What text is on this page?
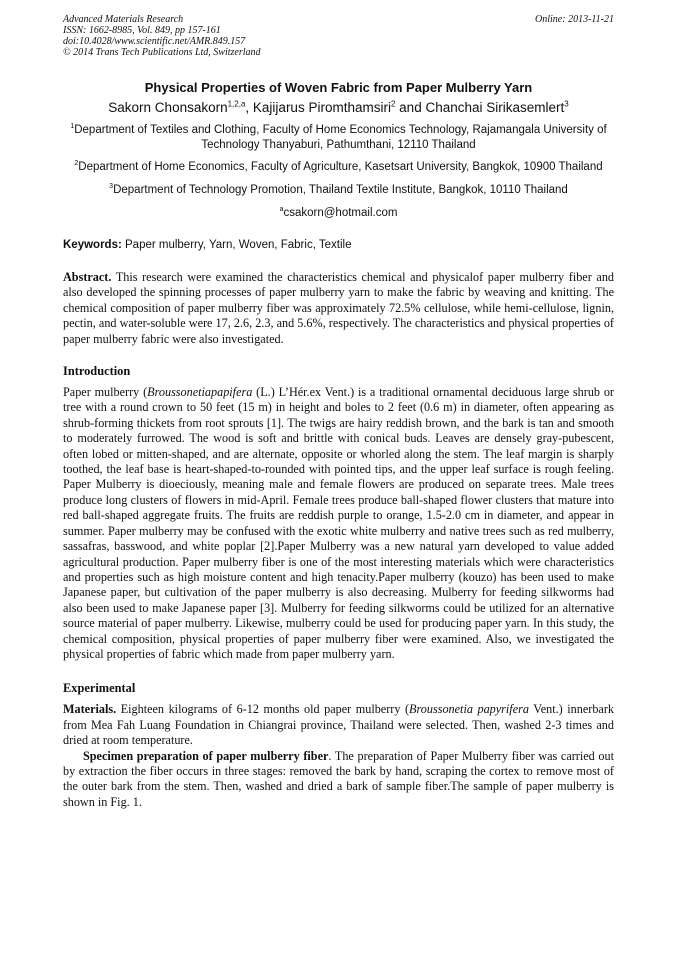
Advanced Materials Research
ISSN: 1662-8985, Vol. 849, pp 157-161
doi:10.4028/www.scientific.net/AMR.849.157
© 2014 Trans Tech Publications Ltd, Switzerland
Online: 2013-11-21
Physical Properties of Woven Fabric from Paper Mulberry Yarn
Sakorn Chonsakorn$^{1,2,a}$, Kajijarus Piromthamsiri$^2$ and Chanchai Sirikasemlert$^3$
$^1$Department of Textiles and Clothing, Faculty of Home Economics Technology, Rajamangala University of Technology Thanyaburi, Pathumthani, 12110 Thailand
$^2$Department of Home Economics, Faculty of Agriculture, Kasetsart University, Bangkok, 10900 Thailand
$^3$Department of Technology Promotion, Thailand Textile Institute, Bangkok, 10110 Thailand
$^a$csakorn@hotmail.com
Keywords: Paper mulberry, Yarn, Woven, Fabric, Textile

Abstract. This research were examined the characteristics chemical and physicalof paper mulberry fiber and also developed the spinning processes of paper mulberry yarn to make the fabric by weaving and knitting. The chemical composition of paper mulberry fiber was approximately 72.5% cellulose, while hemi-cellulose, lignin, pectin, and water-soluble were 17, 2.6, 2.3, and 5.6%, respectively. The characteristics and physical properties of paper mulberry fabric were also investigated.

Introduction

Paper mulberry (Broussonetiapapifera (L.) L’Hér.ex Vent.) is a traditional ornamental deciduous large shrub or tree with a round crown to 50 feet (15 m) in height and boles to 2 feet (0.6 m) in diameter, often appearing as shrub-forming thickets from root sprouts [1]. The twigs are hairy reddish brown, and the bark is tan and smooth to moderately furrowed. The wood is soft and brittle with conical buds. Leaves are densely gray-pubescent, often lobed or mitten-shaped, and are alternate, opposite or whorled along the stem. The leaf margin is sharply toothed, the leaf base is heart-shaped-to-rounded with pointed tips, and the upper leaf surface is rough feeling. Paper Mulberry is dioeciously, meaning male and female flowers are produced on separate trees. Male trees produce long clusters of flowers in mid-April. Female trees produce ball-shaped flower clusters that mature into red ball-shaped aggregate fruits. The fruits are reddish purple to orange, 1.5-2.0 cm in diameter, and appear in summer. Paper mulberry may be confused with the exotic white mulberry and native trees such as red mulberry, sassafras, basswood, and white poplar [2].Paper Mulberry was a new natural yarn developed to value added agricultural production. Paper mulberry fiber is one of the most interesting materials which were characteristics and properties such as high moisture content and high tenacity.Paper mulberry (kouzo) has been used to make Japanese paper, but cultivation of the paper mulberry is also decreasing. Mulberry for feeding silkworms had also been used to make Japanese paper [3]. Mulberry for feeding silkworms could be utilized for an alternative source material of paper mulberry. Likewise, mulberry could be used for producing paper yarn. In this study, the chemical composition, physical properties of paper mulberry fiber were examined. Also, we investigated the physical properties of fabric which made from paper mulberry yarn.

Experimental

Materials. Eighteen kilograms of 6-12 months old paper mulberry (Broussonetia papyrifera Vent.) innerbark from Mea Fah Luang Foundation in Chiangrai province, Thailand were selected. Then, washed 2-3 times and dried at room temperature.

Specimen preparation of paper mulberry fiber. The preparation of Paper Mulberry fiber was carried out by extraction the fiber occurs in three stages: removed the bark by hand, scraping the cortex to remove most of the outer bark from the stem. Then, washed and dried a bark of sample fiber.The sample of paper mulberry is shown in Fig. 1.
